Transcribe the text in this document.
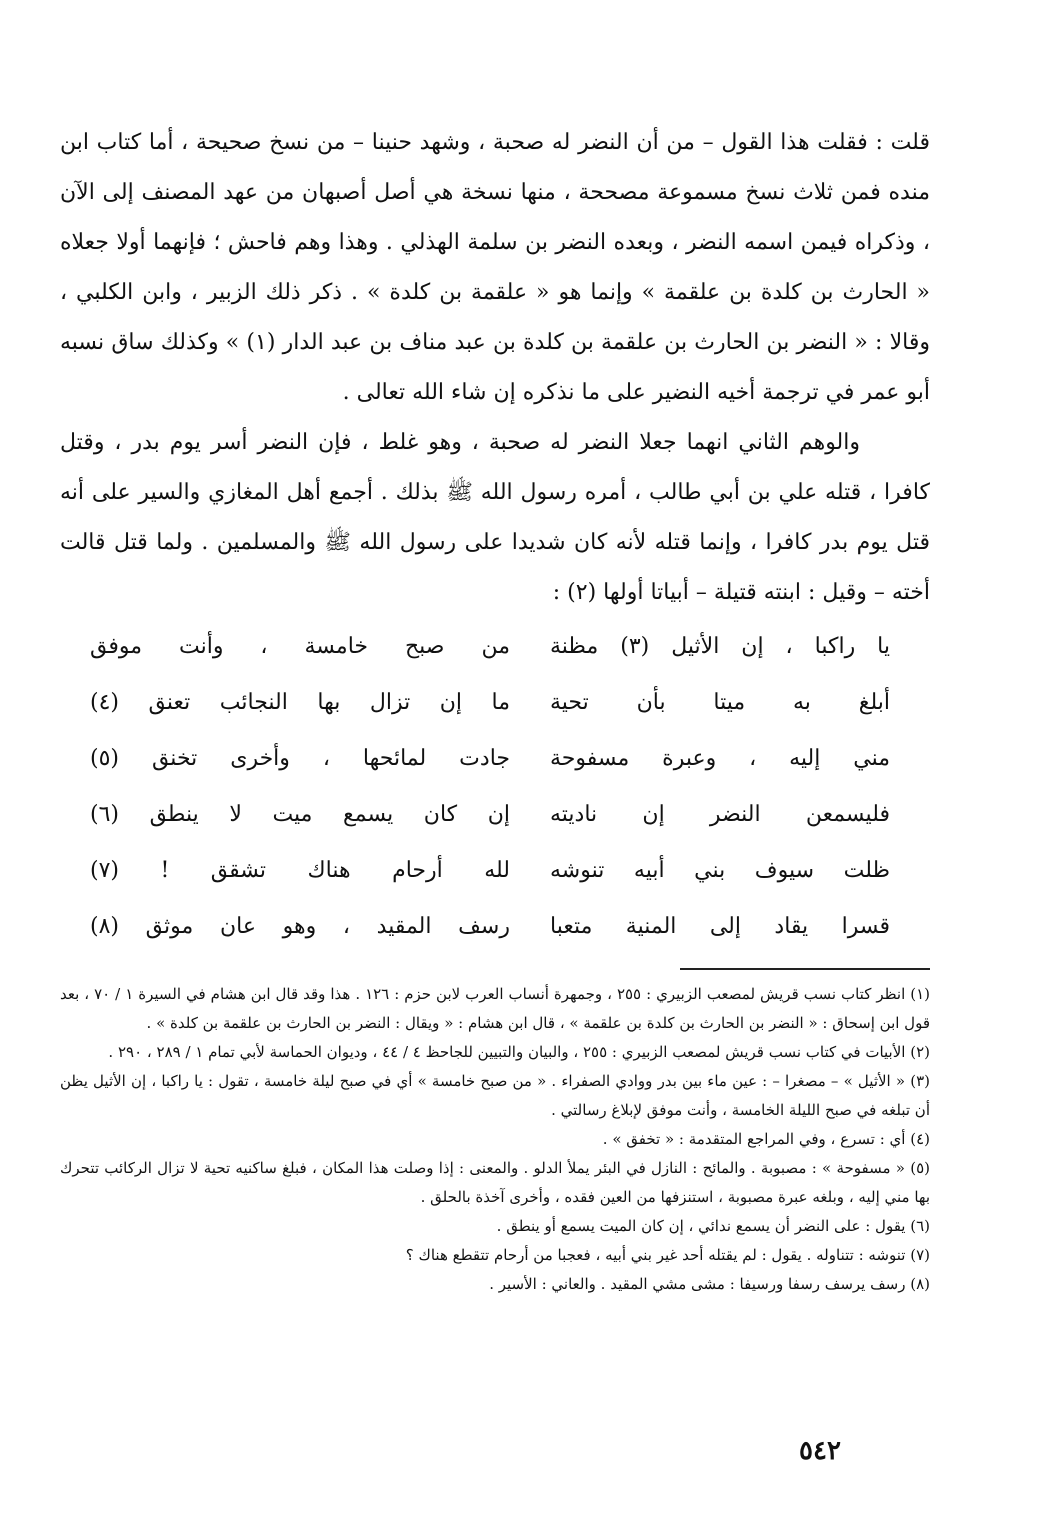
قلت : فقلت هذا القول – من أن النضر له صحبة ، وشهد حنينا – من نسخ صحيحة ، أما كتاب ابن منده فمن ثلاث نسخ مسموعة مصححة ، منها نسخة هي أصل أصبهان من عهد المصنف إلى الآن ، وذكراه فيمن اسمه النضر ، وبعده النضر بن سلمة الهذلي . وهذا وهم فاحش ؛ فإنهما أولا جعلاه « الحارث بن كلدة بن علقمة » وإنما هو « علقمة بن كلدة » . ذكر ذلك الزبير ، وابن الكلبي ، وقالا : « النضر بن الحارث بن علقمة بن كلدة بن عبد مناف بن عبد الدار (١) » وكذلك ساق نسبه أبو عمر في ترجمة أخيه النضير على ما نذكره إن شاء الله تعالى .

والوهم الثاني انهما جعلا النضر له صحبة ، وهو غلط ، فإن النضر أسر يوم بدر ، وقتل كافرا ، قتله علي بن أبي طالب ، أمره رسول الله ﷺ بذلك . أجمع أهل المغازي والسير على أنه قتل يوم بدر كافرا ، وإنما قتله لأنه كان شديدا على رسول الله ﷺ والمسلمين . ولما قتل قالت أخته – وقيل : ابنته قتيلة – أبياتا أولها (٢) :

يا راكبا ، إن الأثيل (٣) مظنة
من صبح خامسة ، وأنت موفق
أبلغ به ميتا بأن تحية
ما إن تزال بها النجائب تعنق (٤)
مني إليه ، وعبرة مسفوحة
جادت لمائحها ، وأخرى تخنق (٥)
فليسمعن النضر إن ناديته
إن كان يسمع ميت لا ينطق (٦)
ظلت سيوف بني أبيه تنوشه
لله أرحام هناك تشقق ! (٧)
قسرا يقاد إلى المنية متعبا
رسف المقيد ، وهو عان موثق (٨)

(١) انظر كتاب نسب قريش لمصعب الزبيري : ٢٥٥ ، وجمهرة أنساب العرب لابن حزم : ١٢٦ . هذا وقد قال ابن هشام في السيرة ١ / ٧٠ ، بعد قول ابن إسحاق : « النضر بن الحارث بن كلدة بن علقمة » ، قال ابن هشام : « ويقال : النضر بن الحارث بن علقمة بن كلدة » .

(٢) الأبيات في كتاب نسب قريش لمصعب الزبيري : ٢٥٥ ، والبيان والتبيين للجاحظ ٤ / ٤٤ ، وديوان الحماسة لأبي تمام ١ / ٢٨٩ ، ٢٩٠ .

(٣) « الأثيل » – مصغرا – : عين ماء بين بدر ووادي الصفراء . « من صبح خامسة » أي في صبح ليلة خامسة ، تقول : يا راكبا ، إن الأثيل يظن أن تبلغه في صبح الليلة الخامسة ، وأنت موفق لإبلاغ رسالتي .

(٤) أي : تسرع ، وفي المراجع المتقدمة : « تخفق » .

(٥) « مسفوحة » : مصبوبة . والمائح : النازل في البئر يملأ الدلو . والمعنى : إذا وصلت هذا المكان ، فبلغ ساكنيه تحية لا تزال الركائب تتحرك بها مني إليه ، وبلغه عبرة مصبوبة ، استنزفها من العين فقده ، وأخرى آخذة بالحلق .

(٦) يقول : على النضر أن يسمع ندائي ، إن كان الميت يسمع أو ينطق .

(٧) تنوشه : تتناوله . يقول : لم يقتله أحد غير بني أبيه ، فعجبا من أرحام تتقطع هناك ؟

(٨) رسف يرسف رسفا ورسيفا : مشى مشي المقيد . والعاني : الأسير .

٥٤٢
